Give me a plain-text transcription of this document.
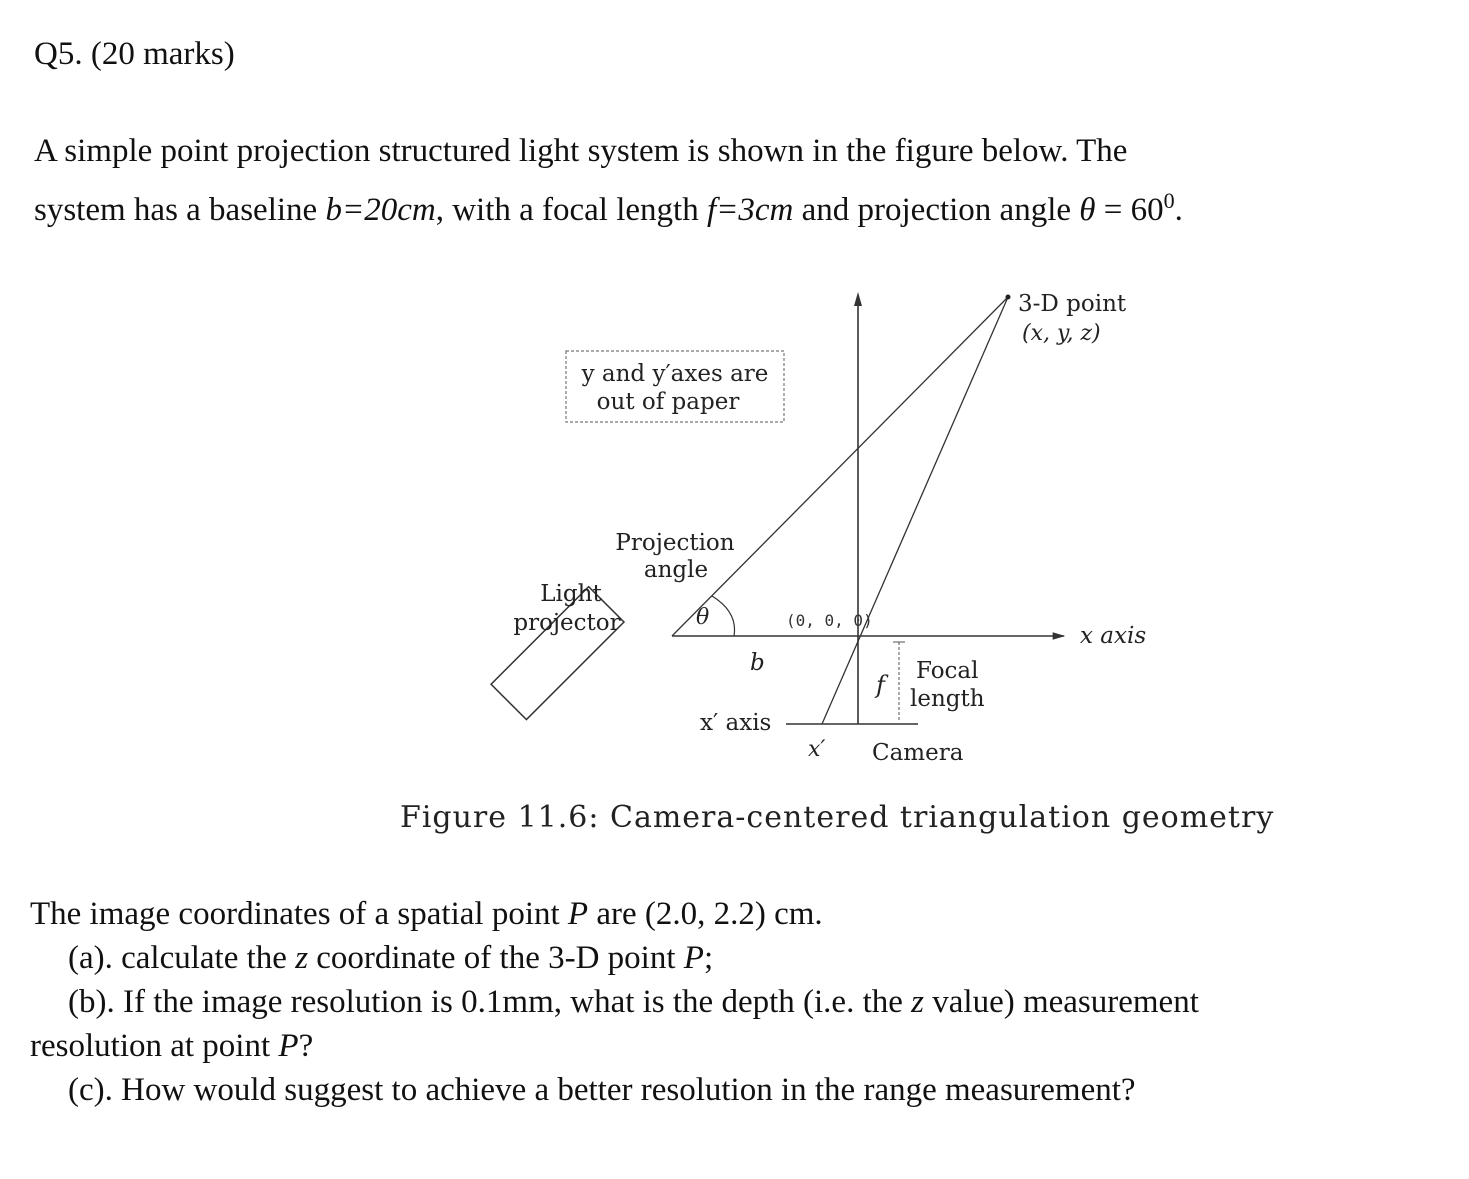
Q5. (20 marks)
A simple point projection structured light system is shown in the figure below. The
system has a baseline b=20cm, with a focal length f=3cm and projection angle $\theta = 60^0$.
y and y′axes are
out of paper
x axis
3-D point
(x, y, z)
x′ axis
x′ Camera
f Focal
length
(0, 0, 0)
b
θ
Projection
angle
Light
projector
Figure 11.6: Camera-centered triangulation geometry
The image coordinates of a spatial point P are (2.0, 2.2) cm.
(a). calculate the z coordinate of the 3-D point P;
(b). If the image resolution is 0.1mm, what is the depth (i.e. the z value) measurement
resolution at point P?
(c). How would suggest to achieve a better resolution in the range measurement?
